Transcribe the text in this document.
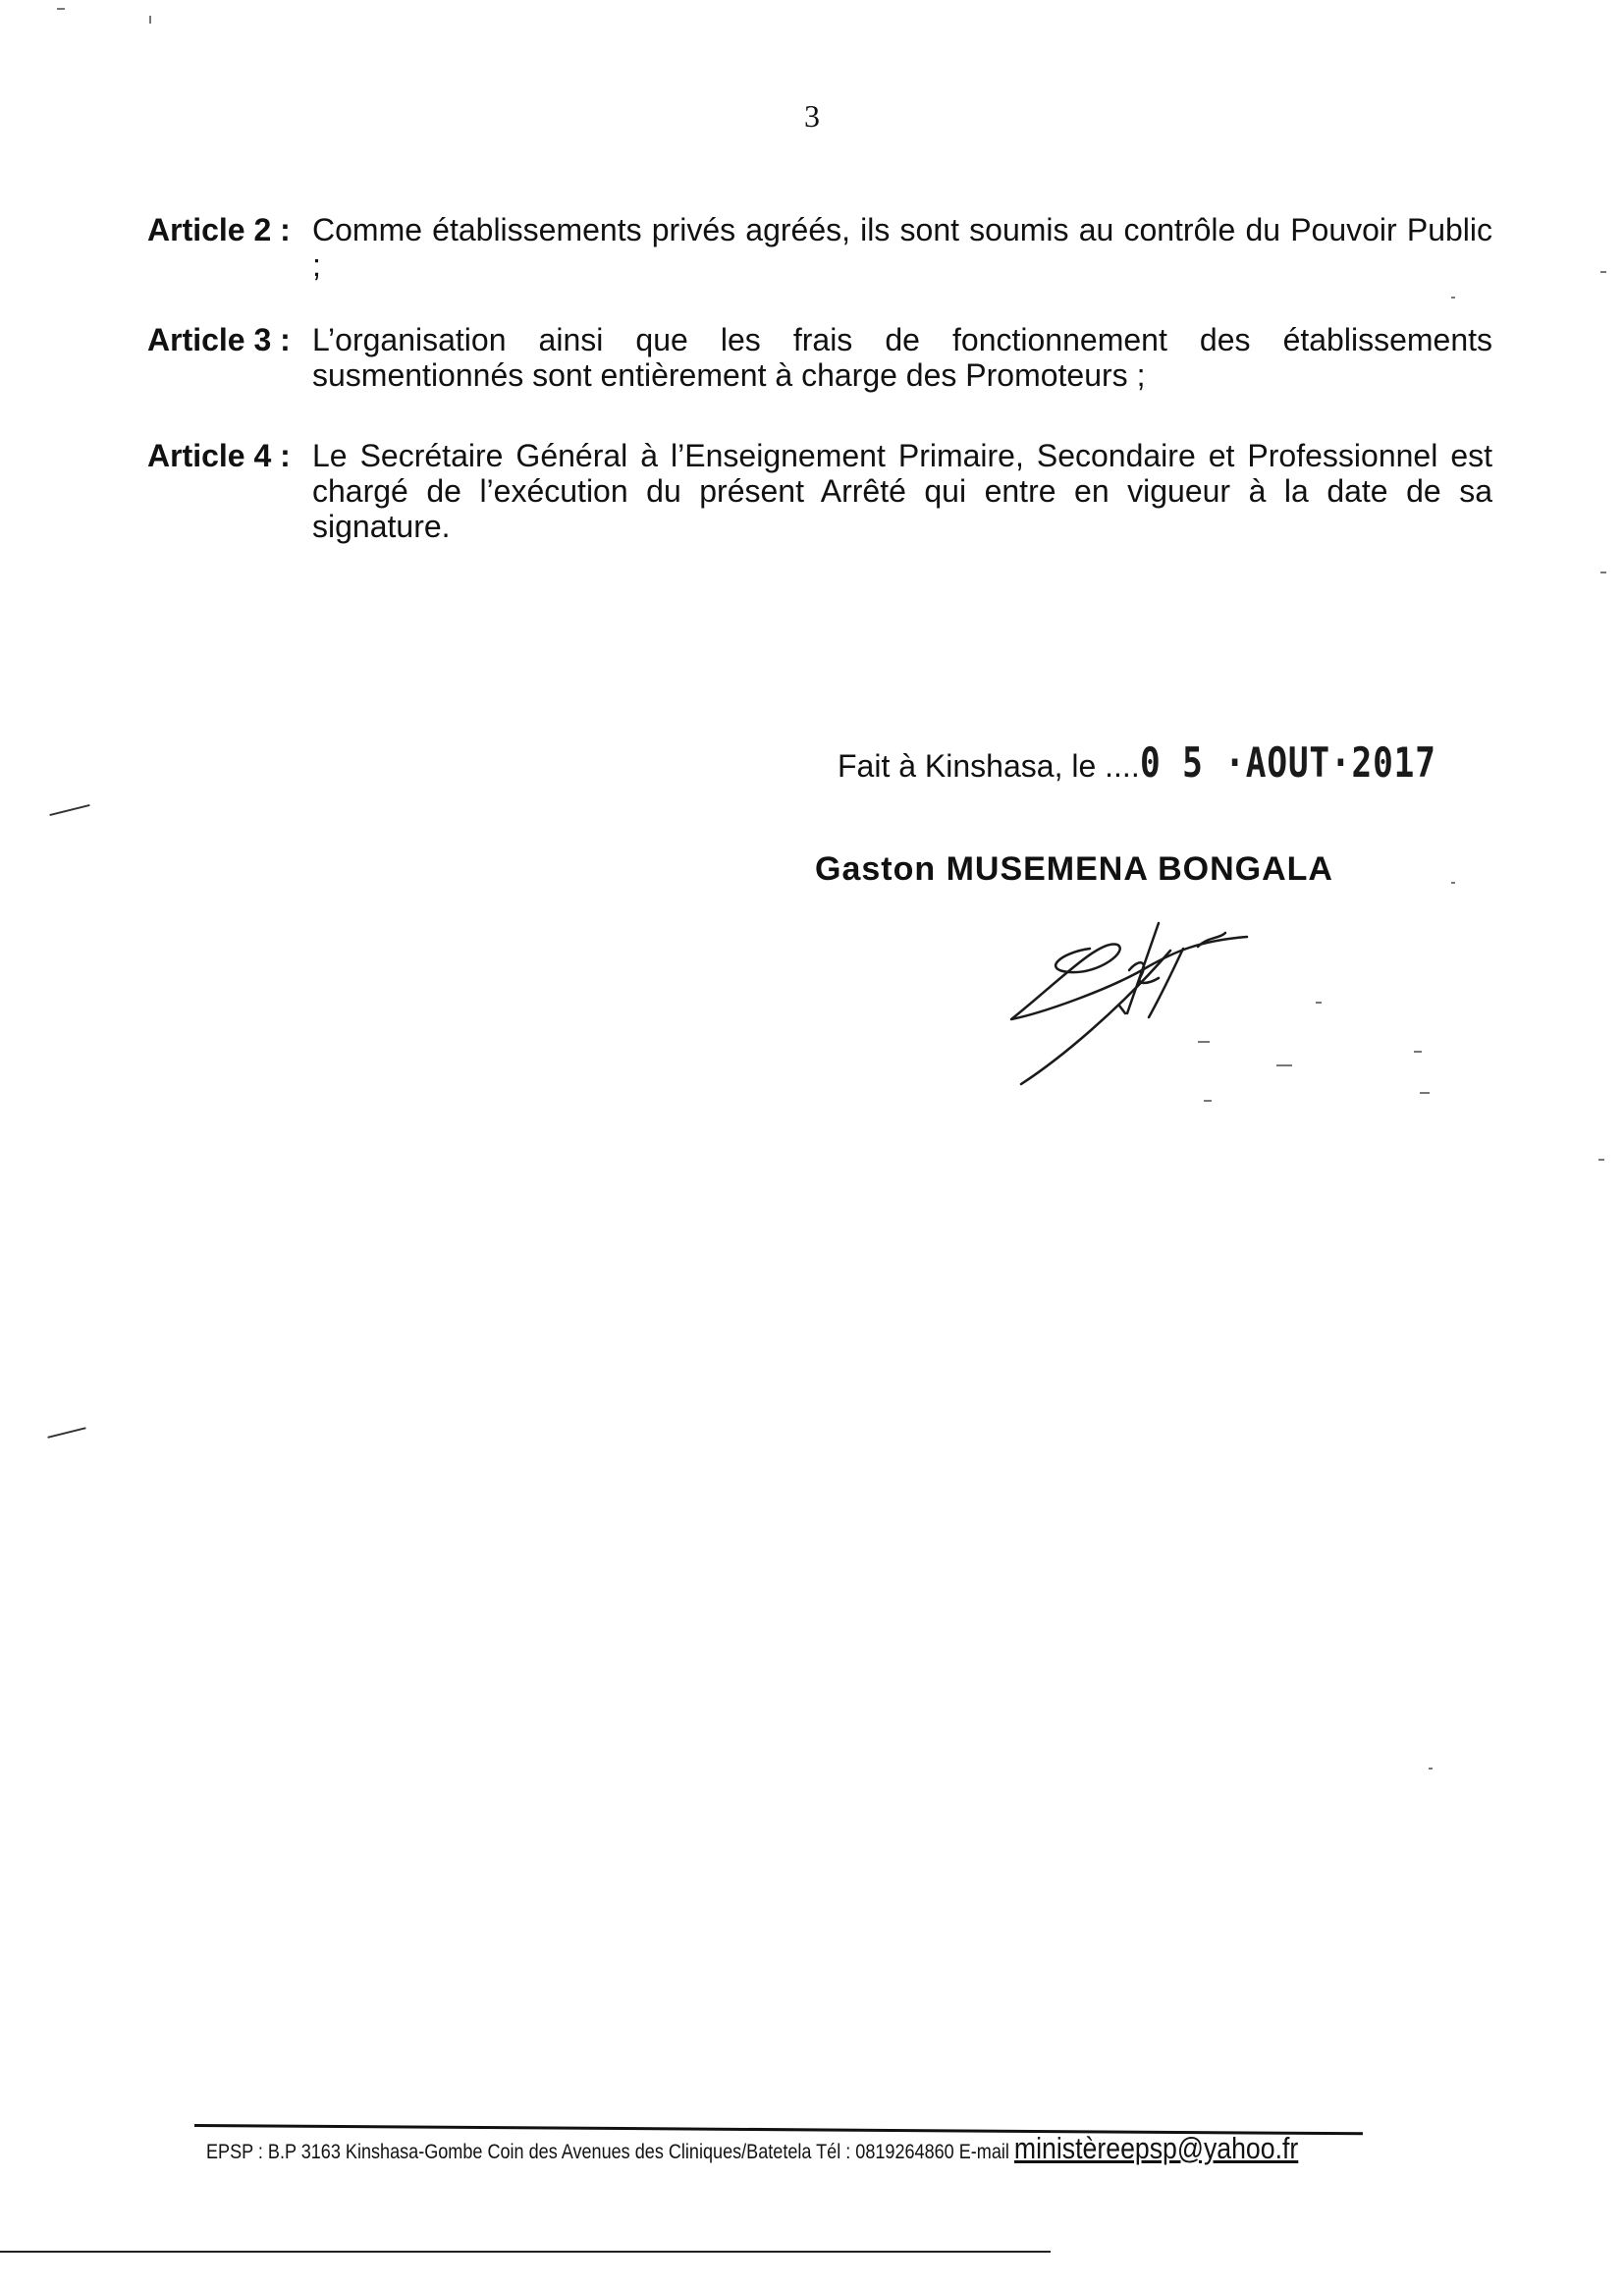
3
Article 2 : Comme établissements privés agréés, ils sont soumis au contrôle du Pouvoir Public ;
Article 3 : L’organisation ainsi que les frais de fonctionnement des établissements susmentionnés sont entièrement à charge des Promoteurs ;
Article 4 : Le Secrétaire Général à l’Enseignement Primaire, Secondaire et Professionnel est chargé de l’exécution du présent Arrêté qui entre en vigueur à la date de sa signature.
Fait à Kinshasa, le ....0 5 ·AOUT·2017
Gaston MUSEMENA BONGALA
EPSP : B.P 3163 Kinshasa-Gombe Coin des Avenues des Cliniques/Batetela Tél : 0819264860 E-mail ministèreepsp@yahoo.fr
